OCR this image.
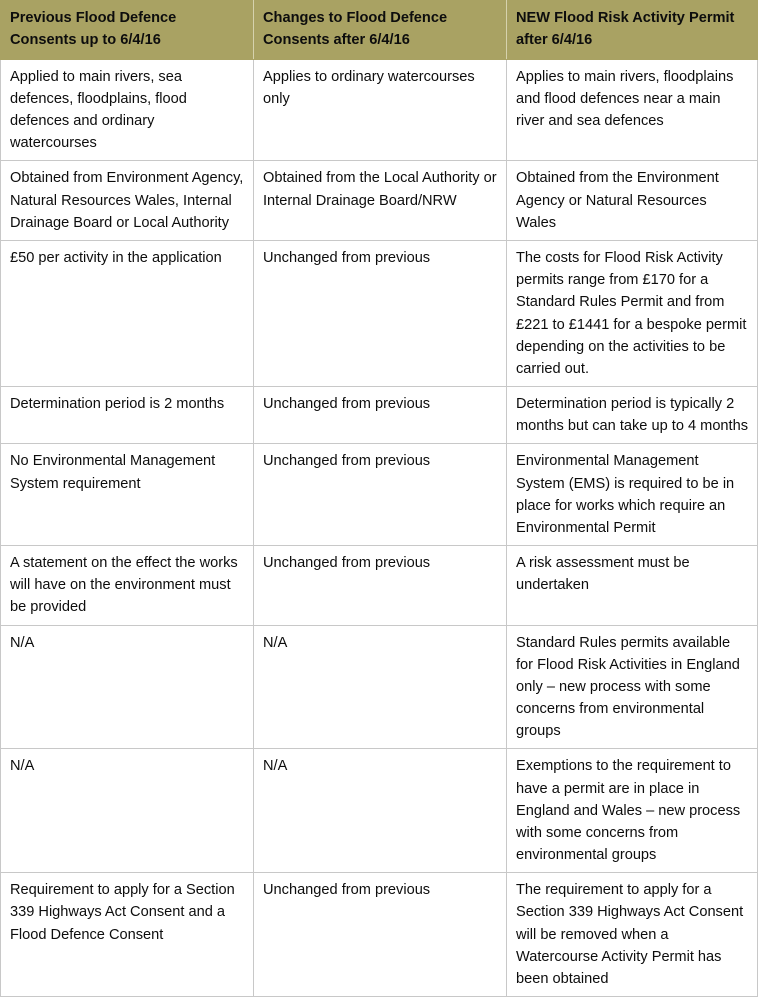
Previous Flood Defence Consents up to 6/4/16	Changes to Flood Defence Consents after 6/4/16	NEW Flood Risk Activity Permit after 6/4/16

Applied to main rivers, sea defences, floodplains, flood defences and ordinary watercourses	Applies to ordinary watercourses only	Applies to main rivers, floodplains and flood defences near a main river and sea defences

Obtained from Environment Agency, Natural Resources Wales, Internal Drainage Board or Local Authority	Obtained from the Local Authority or Internal Drainage Board/NRW	Obtained from the Environment Agency or Natural Resources Wales

£50 per activity in the application	Unchanged from previous	The costs for Flood Risk Activity permits range from £170 for a Standard Rules Permit and from £221 to £1441 for a bespoke permit depending on the activities to be carried out.

Determination period is 2 months	Unchanged from previous	Determination period is typically 2 months but can take up to 4 months

No Environmental Management System requirement	Unchanged from previous	Environmental Management System (EMS) is required to be in place for works which require an Environmental Permit

A statement on the effect the works will have on the environment must be provided	Unchanged from previous	A risk assessment must be undertaken

N/A	N/A	Standard Rules permits available for Flood Risk Activities in England only – new process with some concerns from environmental groups

N/A	N/A	Exemptions to the requirement to have a permit are in place in England and Wales – new process with some concerns from environmental groups

Requirement to apply for a Section 339 Highways Act Consent and a Flood Defence Consent	Unchanged from previous	The requirement to apply for a Section 339 Highways Act Consent will be removed when a Watercourse Activity Permit has been obtained
